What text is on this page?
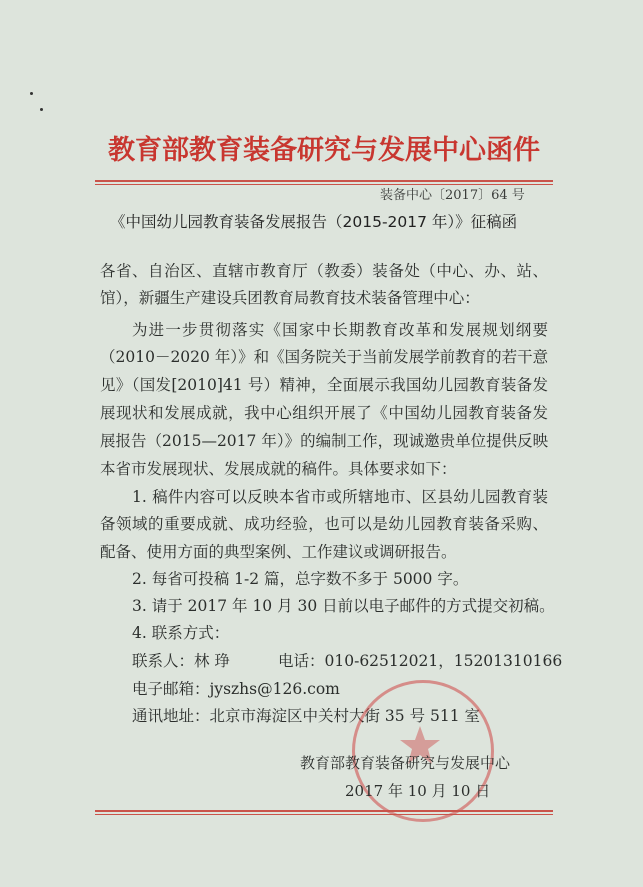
教育部教育装备研究与发展中心函件
装备中心〔2017〕64 号
《中国幼儿园教育装备发展报告（2015-2017 年）》征稿函
各省、自治区、直辖市教育厅（教委）装备处（中心、办、站、
馆），新疆生产建设兵团教育局教育技术装备管理中心：
为进一步贯彻落实《国家中长期教育改革和发展规划纲要
（2010－2020 年）》和《国务院关于当前发展学前教育的若干意
见》（国发[2010]41 号）精神，全面展示我国幼儿园教育装备发
展现状和发展成就，我中心组织开展了《中国幼儿园教育装备发
展报告（2015—2017 年）》的编制工作，现诚邀贵单位提供反映
本省市发展现状、发展成就的稿件。具体要求如下：
1. 稿件内容可以反映本省市或所辖地市、区县幼儿园教育装
备领域的重要成就、成功经验，也可以是幼儿园教育装备采购、
配备、使用方面的典型案例、工作建议或调研报告。
2. 每省可投稿 1-2 篇，总字数不多于 5000 字。
3. 请于 2017 年 10 月 30 日前以电子邮件的方式提交初稿。
4. 联系方式：
联系人：林 琤	电话：010-62512021，15201310166
电子邮箱：jyszhs@126.com
通讯地址：北京市海淀区中关村大街 35 号 511 室
教育部教育装备研究与发展中心
2017 年 10 月 10 日
